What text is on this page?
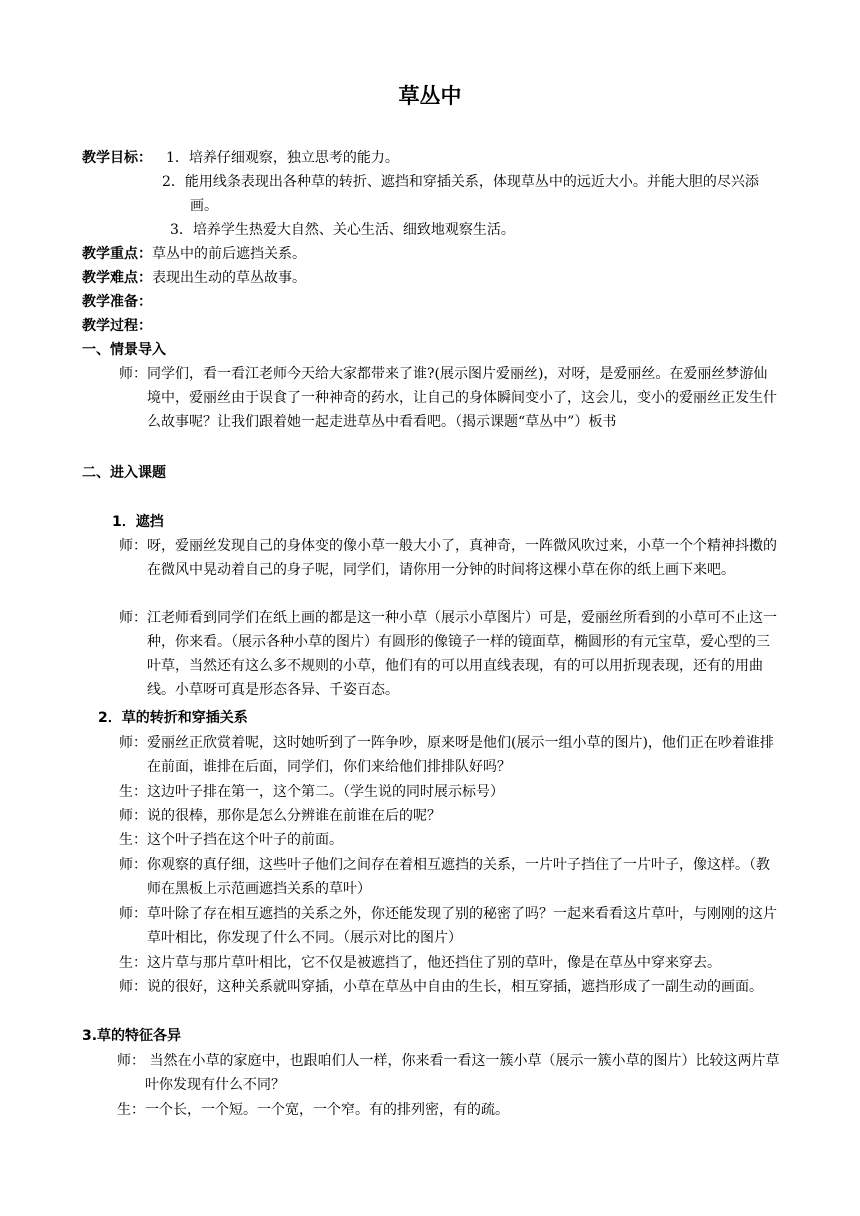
草丛中
教学目标：	1．培养仔细观察，独立思考的能力。
2．能用线条表现出各种草的转折、遮挡和穿插关系，体现草丛中的远近大小。并能大胆的尽兴添画。
3．培养学生热爱大自然、关心生活、细致地观察生活。
教学重点：草丛中的前后遮挡关系。
教学难点：表现出生动的草丛故事。
教学准备：
教学过程：
一、情景导入
师：同学们，看一看江老师今天给大家都带来了谁?(展示图片爱丽丝)，对呀，是爱丽丝。在爱丽丝梦游仙境中，爱丽丝由于误食了一种神奇的药水，让自己的身体瞬间变小了，这会儿，变小的爱丽丝正发生什么故事呢？让我们跟着她一起走进草丛中看看吧。（揭示课题“草丛中”）板书
二、进入课题
1．遮挡
师：呀，爱丽丝发现自己的身体变的像小草一般大小了，真神奇，一阵微风吹过来，小草一个个精神抖擞的在微风中晃动着自己的身子呢，同学们，请你用一分钟的时间将这棵小草在你的纸上画下来吧。
师：江老师看到同学们在纸上画的都是这一种小草（展示小草图片）可是，爱丽丝所看到的小草可不止这一种，你来看。（展示各种小草的图片）有圆形的像镜子一样的镜面草，椭圆形的有元宝草，爱心型的三叶草，当然还有这么多不规则的小草，他们有的可以用直线表现，有的可以用折现表现，还有的用曲线。小草呀可真是形态各异、千姿百态。
2．草的转折和穿插关系
师：爱丽丝正欣赏着呢，这时她听到了一阵争吵，原来呀是他们(展示一组小草的图片)，他们正在吵着谁排在前面，谁排在后面，同学们，你们来给他们排排队好吗？
生：这边叶子排在第一，这个第二。（学生说的同时展示标号）
师：说的很棒，那你是怎么分辨谁在前谁在后的呢？
生：这个叶子挡在这个叶子的前面。
师：你观察的真仔细，这些叶子他们之间存在着相互遮挡的关系，一片叶子挡住了一片叶子，像这样。（教师在黑板上示范画遮挡关系的草叶）
师：草叶除了存在相互遮挡的关系之外，你还能发现了别的秘密了吗？一起来看看这片草叶，与刚刚的这片草叶相比，你发现了什么不同。（展示对比的图片）
生：这片草与那片草叶相比，它不仅是被遮挡了，他还挡住了别的草叶，像是在草丛中穿来穿去。
师：说的很好，这种关系就叫穿插，小草在草丛中自由的生长，相互穿插，遮挡形成了一副生动的画面。
3.草的特征各异
师： 当然在小草的家庭中，也跟咱们人一样，你来看一看这一簇小草（展示一簇小草的图片）比较这两片草叶你发现有什么不同？
生：一个长，一个短。一个宽，一个窄。有的排列密，有的疏。
